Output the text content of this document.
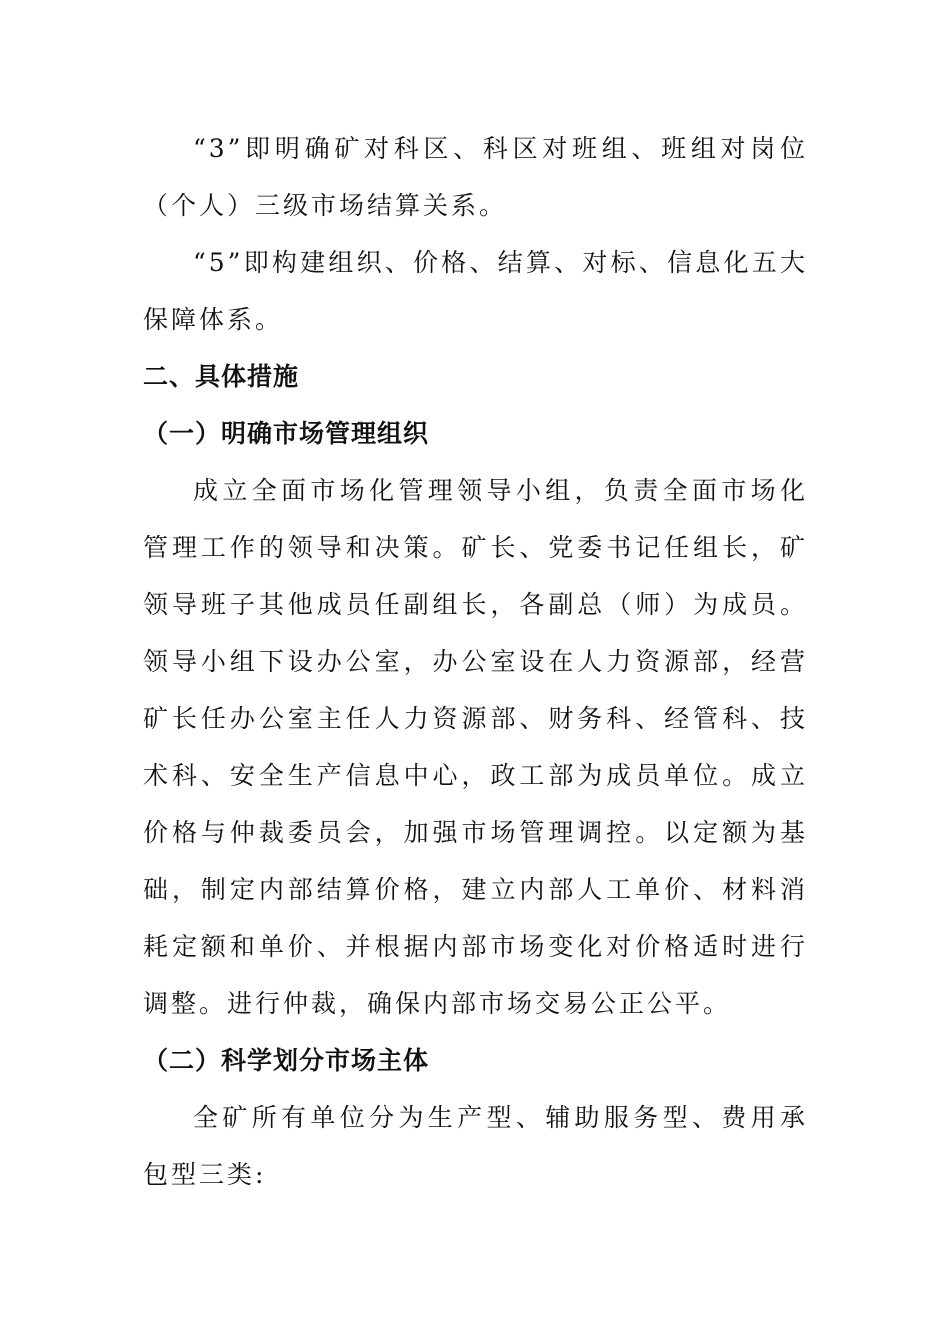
“3”即明确矿对科区、科区对班组、班组对岗位（个人）三级市场结算关系。

“5”即构建组织、价格、结算、对标、信息化五大保障体系。

二、具体措施

（一）明确市场管理组织

成立全面市场化管理领导小组，负责全面市场化管理工作的领导和决策。矿长、党委书记任组长，矿领导班子其他成员任副组长，各副总（师）为成员。领导小组下设办公室，办公室设在人力资源部，经营矿长任办公室主任人力资源部、财务科、经管科、技术科、安全生产信息中心，政工部为成员单位。成立价格与仲裁委员会，加强市场管理调控。以定额为基础，制定内部结算价格，建立内部人工单价、材料消耗定额和单价、并根据内部市场变化对价格适时进行调整。进行仲裁，确保内部市场交易公正公平。

（二）科学划分市场主体

全矿所有单位分为生产型、辅助服务型、费用承包型三类:
